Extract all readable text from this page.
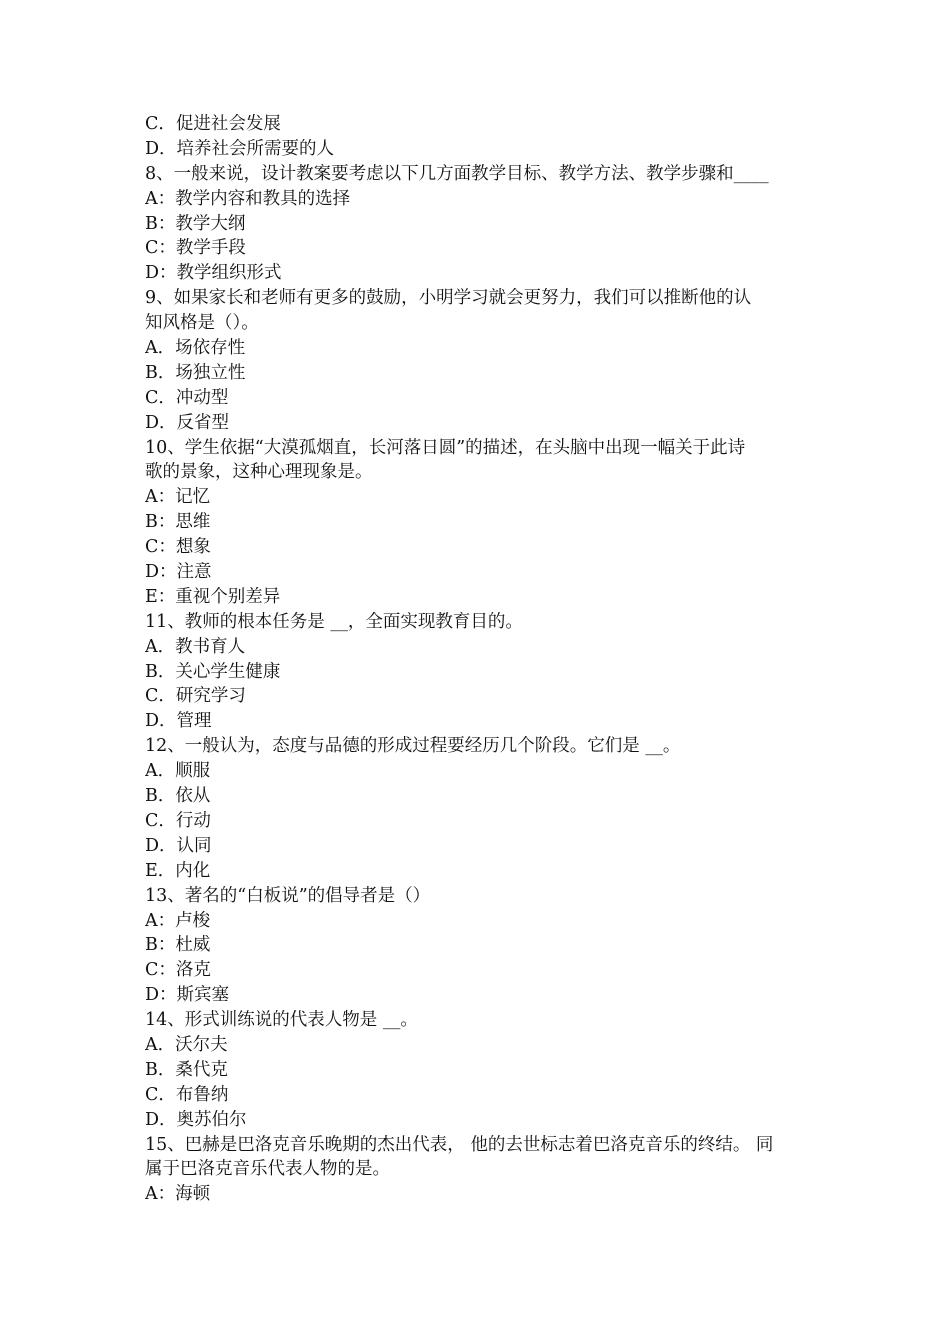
C．促进社会发展
D．培养社会所需要的人
8、一般来说，设计教案要考虑以下几方面教学目标、教学方法、教学步骤和____
A：教学内容和教具的选择
B：教学大纲
C：教学手段
D：教学组织形式
9、如果家长和老师有更多的鼓励，小明学习就会更努力，我们可以推断他的认
知风格是（）。
A．场依存性
B．场独立性
C．冲动型
D．反省型
10、学生依据“大漠孤烟直，长河落日圆”的描述，在头脑中出现一幅关于此诗
歌的景象，这种心理现象是。
A：记忆
B：思维
C：想象
D：注意
E：重视个别差异
11、教师的根本任务是 __，全面实现教育目的。
A．教书育人
B．关心学生健康
C．研究学习
D．管理
12、一般认为，态度与品德的形成过程要经历几个阶段。它们是 __。
A．顺服
B．依从
C．行动
D．认同
E．内化
13、著名的“白板说”的倡导者是（）
A：卢梭
B：杜威
C：洛克
D：斯宾塞
14、形式训练说的代表人物是 __。
A．沃尔夫
B．桑代克
C．布鲁纳
D．奥苏伯尔
15、巴赫是巴洛克音乐晚期的杰出代表， 他的去世标志着巴洛克音乐的终结。 同
属于巴洛克音乐代表人物的是。
A：海顿
